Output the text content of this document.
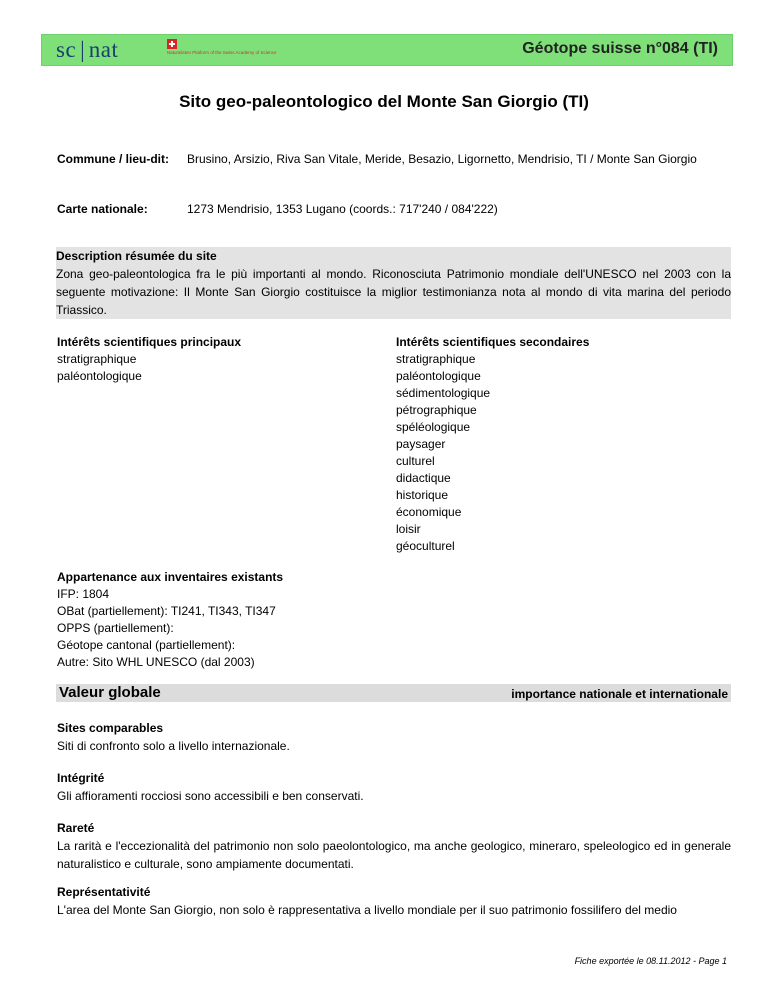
sc | nat	Naturalisten Platform of the Swiss Academy of Science	Géotope suisse n°084 (TI)
Sito geo-paleontologico del Monte San Giorgio (TI)
Commune / lieu-dit: Brusino, Arsizio, Riva San Vitale, Meride, Besazio, Ligornetto, Mendrisio, TI / Monte San Giorgio
Carte nationale:	1273 Mendrisio, 1353 Lugano (coords.: 717'240 / 084'222)
Description résumée du site
Zona geo-paleontologica fra le più importanti al mondo. Riconosciuta Patrimonio mondiale dell'UNESCO nel 2003 con la seguente motivazione: Il Monte San Giorgio costituisce la miglior testimonianza nota al mondo di vita marina del periodo Triassico.
Intérêts scientifiques principaux
stratigraphique
paléontologique
Intérêts scientifiques secondaires
stratigraphique
paléontologique
sédimentologique
pétrographique
spéléologique
paysager
culturel
didactique
historique
économique
loisir
géoculturel
Appartenance aux inventaires existants
IFP: 1804
OBat (partiellement): TI241, TI343, TI347
OPPS (partiellement):
Géotope cantonal (partiellement):
Autre: Sito WHL UNESCO (dal 2003)
Valeur globale	importance nationale et internationale
Sites comparables
Siti di confronto solo a livello internazionale.
Intégrité
Gli affioramenti rocciosi sono accessibili e ben conservati.
Rareté
La rarità e l'eccezionalità del patrimonio non solo paeolontologico, ma anche geologico, mineraro, speleologico ed in generale naturalistico e culturale, sono ampiamente documentati.
Représentativité
L'area del Monte San Giorgio, non solo è rappresentativa a livello mondiale per il suo patrimonio fossilifero del medio
Fiche exportée le 08.11.2012 - Page 1
